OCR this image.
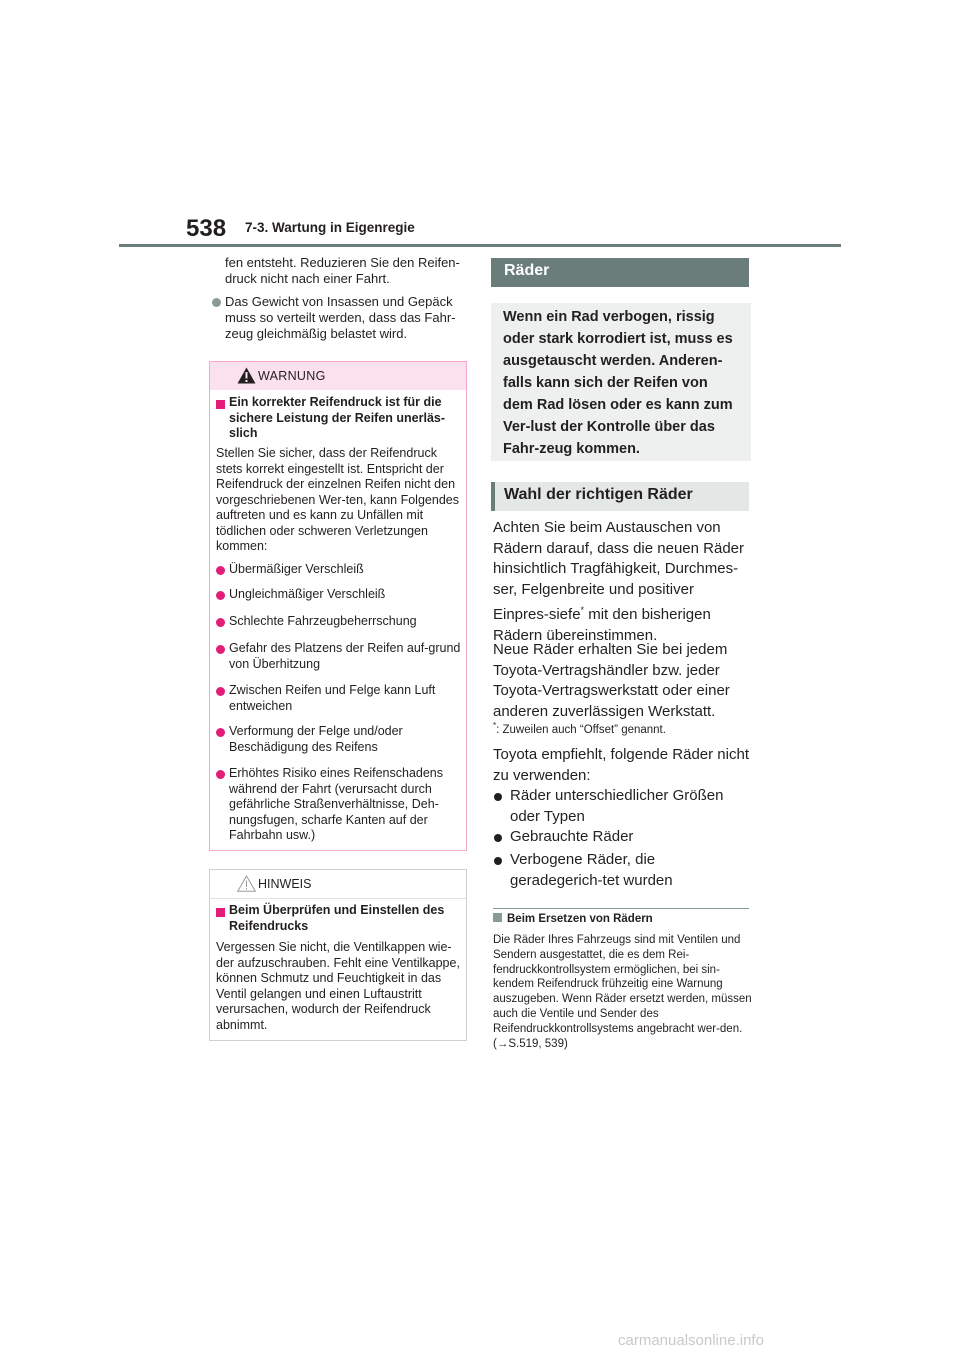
538 7-3. Wartung in Eigenregie
fen entsteht. Reduzieren Sie den Reifen-druck nicht nach einer Fahrt.
Das Gewicht von Insassen und Gepäck muss so verteilt werden, dass das Fahr-zeug gleichmäßig belastet wird.
WARNUNG
Ein korrekter Reifendruck ist für die sichere Leistung der Reifen unerläs-slich
Stellen Sie sicher, dass der Reifendruck stets korrekt eingestellt ist. Entspricht der Reifendruck der einzelnen Reifen nicht den vorgeschriebenen Wer-ten, kann Folgendes auftreten und es kann zu Unfällen mit tödlichen oder schweren Verletzungen kommen:
Übermäßiger Verschleiß
Ungleichmäßiger Verschleiß
Schlechte Fahrzeugbeherrschung
Gefahr des Platzens der Reifen auf-grund von Überhitzung
Zwischen Reifen und Felge kann Luft entweichen
Verformung der Felge und/oder Beschädigung des Reifens
Erhöhtes Risiko eines Reifenschadens während der Fahrt (verursacht durch gefährliche Straßenverhältnisse, Deh-nungsfugen, scharfe Kanten auf der Fahrbahn usw.)
HINWEIS
Beim Überprüfen und Einstellen des Reifendrucks
Vergessen Sie nicht, die Ventilkappen wie-der aufzuschrauben. Fehlt eine Ventilkappe, können Schmutz und Feuchtigkeit in das Ventil gelangen und einen Luftaustritt verursachen, wodurch der Reifendruck abnimmt.
Räder
Wenn ein Rad verbogen, rissig oder stark korrodiert ist, muss es ausgetauscht werden. Anderen-falls kann sich der Reifen von dem Rad lösen oder es kann zum Ver-lust der Kontrolle über das Fahr-zeug kommen.
Wahl der richtigen Räder
Achten Sie beim Austauschen von Rädern darauf, dass die neuen Räder hinsichtlich Tragfähigkeit, Durchmes-ser, Felgenbreite und positiver Einpres-siefe* mit den bisherigen Rädern übereinstimmen.
Neue Räder erhalten Sie bei jedem Toyota-Vertragshändler bzw. jeder Toyota-Vertragswerkstatt oder einer anderen zuverlässigen Werkstatt.
*: Zuweilen auch “Offset” genannt.
Toyota empfiehlt, folgende Räder nicht zu verwenden:
Räder unterschiedlicher Größen oder Typen
Gebrauchte Räder
Verbogene Räder, die geradegerich-tet wurden
Beim Ersetzen von Rädern
Die Räder Ihres Fahrzeugs sind mit Ventilen und Sendern ausgestattet, die es dem Rei-fendruckkontrollsystem ermöglichen, bei sin-kendem Reifendruck frühzeitig eine Warnung auszugeben. Wenn Räder ersetzt werden, müssen auch die Ventile und Sender des Reifendruckkontrollsystems angebracht wer-den. (→S.519, 539)
carmanualsonline.info
